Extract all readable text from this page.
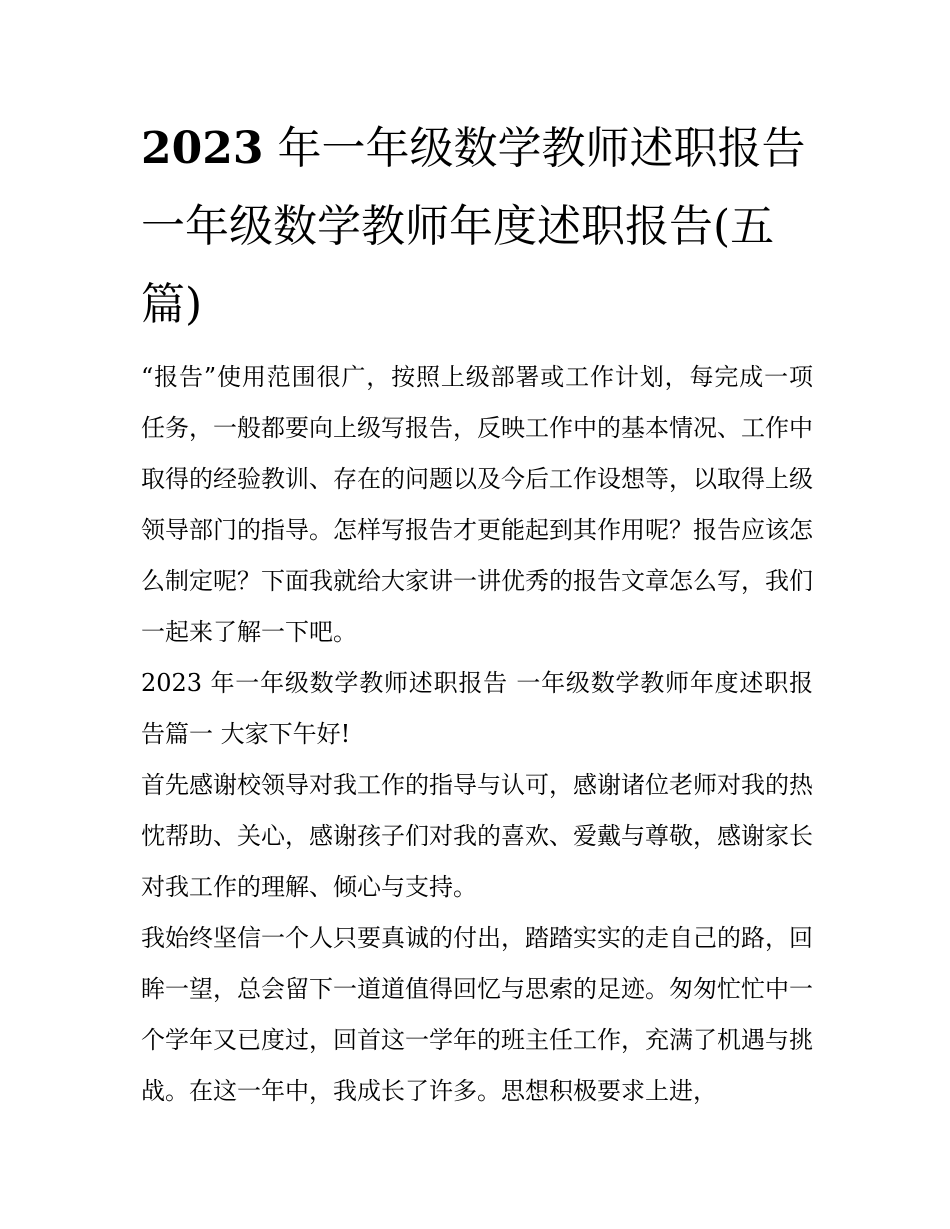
2023 年一年级数学教师述职报告 一年级数学教师年度述职报告(五篇)

“报告”使用范围很广，按照上级部署或工作计划，每完成一项任务，一般都要向上级写报告，反映工作中的基本情况、工作中取得的经验教训、存在的问题以及今后工作设想等，以取得上级领导部门的指导。怎样写报告才更能起到其作用呢？报告应该怎么制定呢？下面我就给大家讲一讲优秀的报告文章怎么写，我们一起来了解一下吧。

2023 年一年级数学教师述职报告 一年级数学教师年度述职报告篇一 大家下午好!

首先感谢校领导对我工作的指导与认可，感谢诸位老师对我的热忱帮助、关心，感谢孩子们对我的喜欢、爱戴与尊敬，感谢家长对我工作的理解、倾心与支持。

我始终坚信一个人只要真诚的付出，踏踏实实的走自己的路，回眸一望，总会留下一道道值得回忆与思索的足迹。匆匆忙忙中一个学年又已度过，回首这一学年的班主任工作，充满了机遇与挑战。在这一年中，我成长了许多。思想积极要求上进，
